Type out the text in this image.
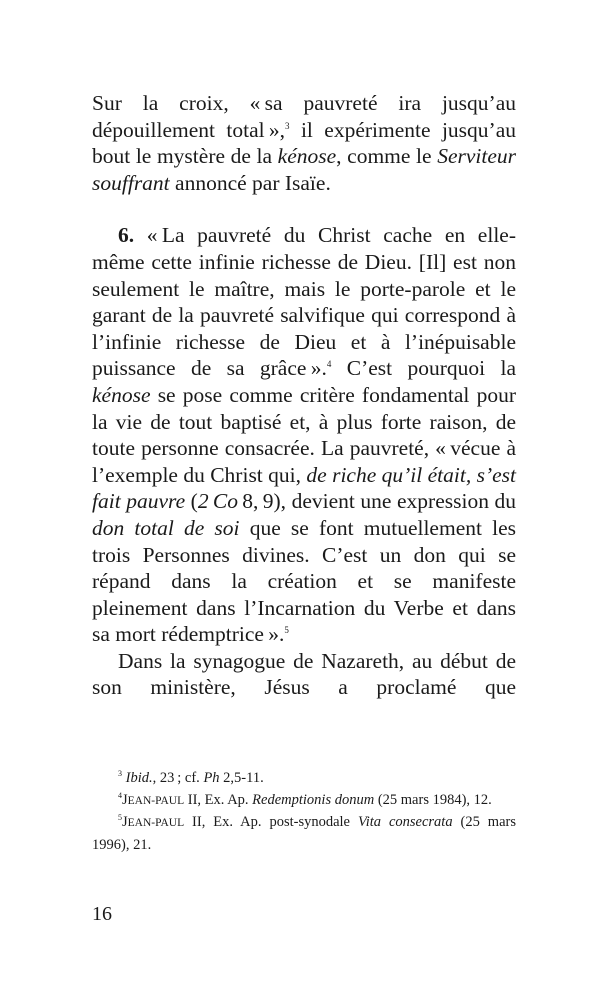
Sur la croix, « sa pauvreté ira jusqu’au dépouillement total »,$^3$ il expérimente jusqu’au bout le mystère de la kénose, comme le Serviteur souffrant annoncé par Isaïe.

6. « La pauvreté du Christ cache en elle-même cette infinie richesse de Dieu. [Il] est non seulement le maître, mais le porte-parole et le garant de la pauvreté salvifique qui correspond à l’infinie richesse de Dieu et à l’inépuisable puissance de sa grâce ».$^4$ C’est pourquoi la kénose se pose comme critère fondamental pour la vie de tout baptisé et, à plus forte raison, de toute personne consacrée. La pauvreté, « vécue à l’exemple du Christ qui, de riche qu’il était, s’est fait pauvre (2 Co 8, 9), devient une expression du don total de soi que se font mutuellement les trois Personnes divines. C’est un don qui se répand dans la création et se manifeste pleinement dans l’Incarnation du Verbe et dans sa mort rédemptrice ».$^5$

Dans la synagogue de Nazareth, au début de son ministère, Jésus a proclamé que

$^3$ Ibid., 23 ; cf. Ph 2,5-11.

$^4$JEAN-PAUL II, Ex. Ap. Redemptionis donum (25 mars 1984), 12.

$^5$JEAN-PAUL II, Ex. Ap. post-synodale Vita consecrata (25 mars 1996), 21.

16
